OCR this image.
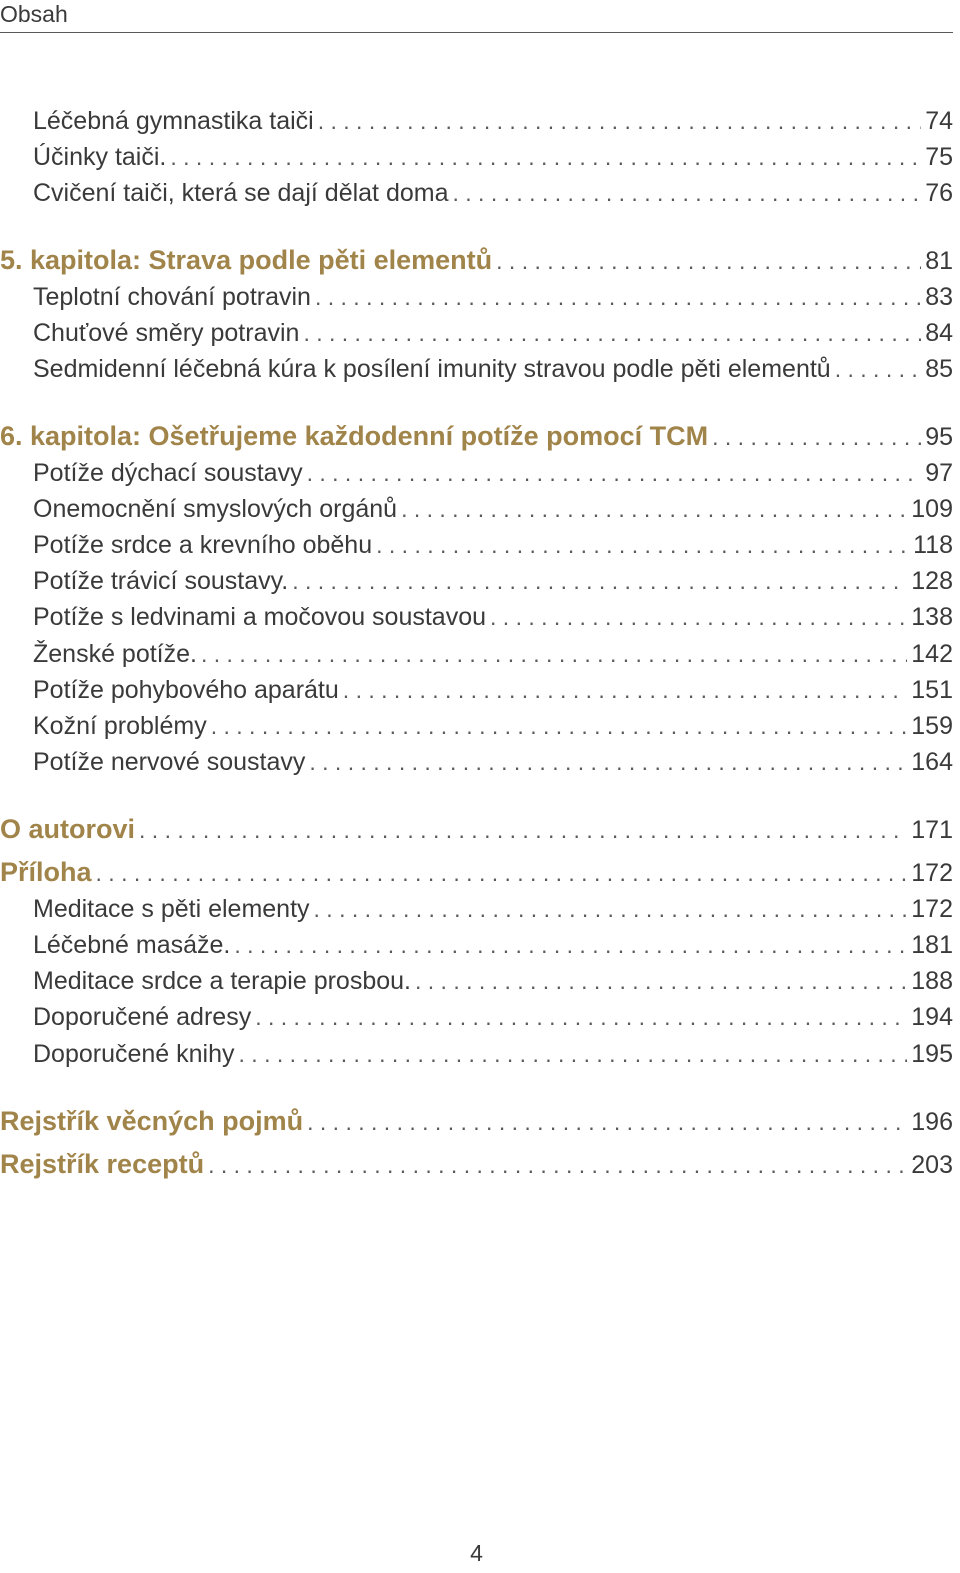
Obsah
Léčebná gymnastika taiči . . .	74
Účinky taiči. . . .	75
Cvičení taiči, která se dají dělat doma . . .	76
5. kapitola: Strava podle pěti elementů . . .	81
Teplotní chování potravin . . .	83
Chuťové směry potravin . . .	84
Sedmidenní léčebná kúra k posílení imunity stravou podle pěti elementů . . .	85
6. kapitola: Ošetřujeme každodenní potíže pomocí TCM . . .	95
Potíže dýchací soustavy . . .	97
Onemocnění smyslových orgánů . . .	109
Potíže srdce a krevního oběhu . . .	118
Potíže trávicí soustavy. . . .	128
Potíže s ledvinami a močovou soustavou . . .	138
Ženské potíže. . . .	142
Potíže pohybového aparátu . . .	151
Kožní problémy . . .	159
Potíže nervové soustavy . . .	164
O autorovi . . .	171
Příloha . . .	172
Meditace s pěti elementy . . .	172
Léčebné masáže. . . .	181
Meditace srdce a terapie prosbou. . . .	188
Doporučené adresy . . .	194
Doporučené knihy . . .	195
Rejstřík věcných pojmů . . .	196
Rejstřík receptů . . .	203
4
